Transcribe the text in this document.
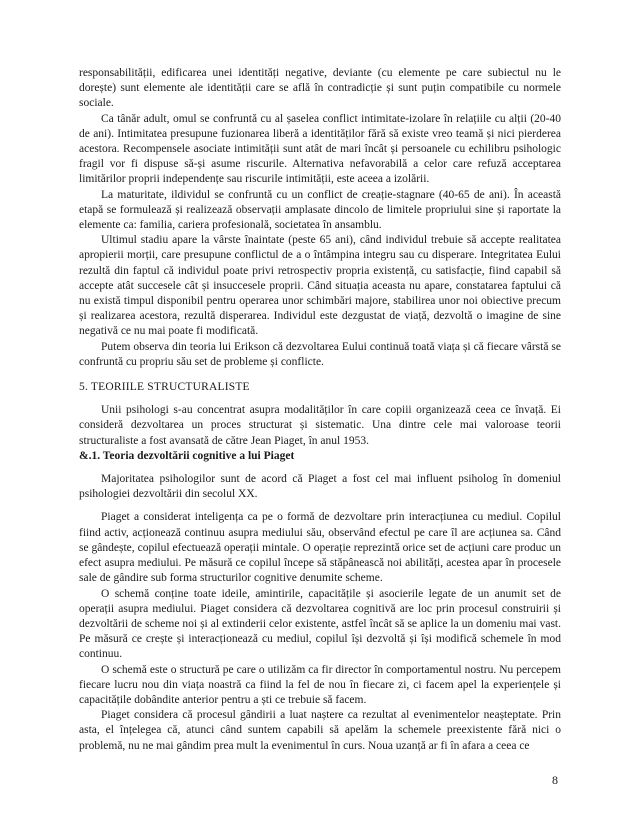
responsabilității, edificarea unei identități negative, deviante (cu elemente pe care subiectul nu le dorește) sunt elemente ale identității care se află în contradicție și sunt puțin compatibile cu normele sociale.

Ca tânăr adult, omul se confruntă cu al șaselea conflict intimitate-izolare în relațiile cu alții (20-40 de ani). Intimitatea presupune fuzionarea liberă a identităților fără să existe vreo teamă și nici pierderea acestora. Recompensele asociate intimității sunt atât de mari încât și persoanele cu echilibru psihologic fragil vor fi dispuse să-și asume riscurile. Alternativa nefavorabilă a celor care refuză acceptarea limitărilor proprii independențe sau riscurile intimității, este aceea a izolării.

La maturitate, ildividul se confruntă cu un conflict de creație-stagnare (40-65 de ani). În această etapă se formulează și realizează observații amplasate dincolo de limitele propriului sine și raportate la elemente ca: familia, cariera profesională, societatea în ansamblu.

Ultimul stadiu apare la vârste înaintate (peste 65 ani), când individul trebuie să accepte realitatea apropierii morții, care presupune conflictul de a o întâmpina integru sau cu disperare. Integritatea Eului rezultă din faptul că individul poate privi retrospectiv propria existență, cu satisfacție, fiind capabil să accepte atât succesele cât și insuccesele proprii. Când situația aceasta nu apare, constatarea faptului că nu există timpul disponibil pentru operarea unor schimbări majore, stabilirea unor noi obiective precum și realizarea acestora, rezultă disperarea. Individul este dezgustat de viață, dezvoltă o imagine de sine negativă ce nu mai poate fi modificată.

Putem observa din teoria lui Erikson că dezvoltarea Eului continuă toată viața și că fiecare vârstă se confruntă cu propriu său set de probleme și conflicte.

5. TEORIILE STRUCTURALISTE

Unii psihologi s-au concentrat asupra modalităților în care copiii organizează ceea ce învață. Ei consideră dezvoltarea un proces structurat și sistematic. Una dintre cele mai valoroase teorii structuraliste a fost avansată de către Jean Piaget, în anul 1953.

&.1. Teoria dezvoltării cognitive a lui Piaget

Majoritatea psihologilor sunt de acord că Piaget a fost cel mai influent psiholog în domeniul psihologiei dezvoltării din secolul XX.

Piaget a considerat inteligența ca pe o formă de dezvoltare prin interacțiunea cu mediul. Copilul fiind activ, acționează continuu asupra mediului său, observând efectul pe care îl are acțiunea sa. Când se gândește, copilul efectuează operații mintale. O operație reprezintă orice set de acțiuni care produc un efect asupra mediului. Pe măsură ce copilul începe să stăpânească noi abilități, acestea apar în procesele sale de gândire sub forma structurilor cognitive denumite scheme.

O schemă conține toate ideile, amintirile, capacitățile și asocierile legate de un anumit set de operații asupra mediului. Piaget considera că dezvoltarea cognitivă are loc prin procesul construirii și dezvoltării de scheme noi și al extinderii celor existente, astfel încât să se aplice la un domeniu mai vast. Pe măsură ce crește și interacționează cu mediul, copilul își dezvoltă și își modifică schemele în mod continuu.

O schemă este o structură pe care o utilizăm ca fir director în comportamentul nostru. Nu percepem fiecare lucru nou din viața noastră ca fiind la fel de nou în fiecare zi, ci facem apel la experiențele și capacitățile dobândite anterior pentru a ști ce trebuie să facem.

Piaget considera că procesul gândirii a luat naștere ca rezultat al evenimentelor neașteptate. Prin asta, el înțelegea că, atunci când suntem capabili să apelăm la schemele preexistente fără nici o problemă, nu ne mai gândim prea mult la evenimentul în curs. Noua uzanță ar fi în afara a ceea ce

8
